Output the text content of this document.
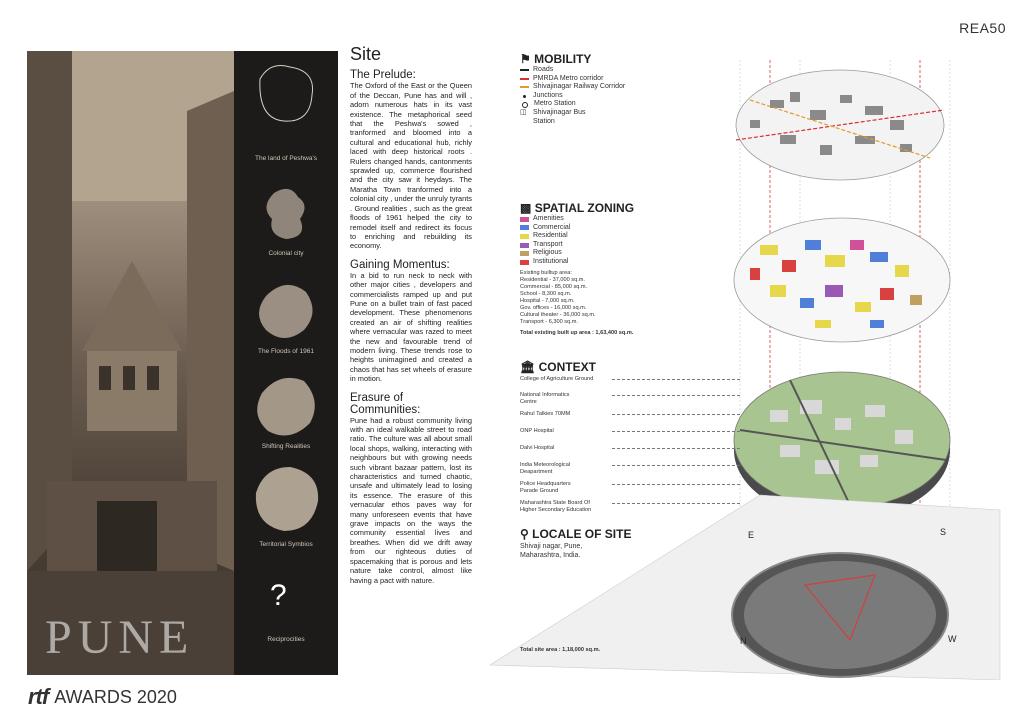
REA50
rtf AWARDS 2020
PUNE
The land of Peshwa's
Colonial city
The Floods of 1961
Shifting Realities
Territorial Symbios
?
Reciprocities
Site
The Prelude:

The Oxford of the East or the Queen of the Deccan, Pune has and will , adorn numerous hats in its vast existence. The metaphorical seed that the Peshwa's sowed , tranformed and bloomed into a cultural and educational hub, richly laced with deep historical roots . Rulers changed hands, cantonments sprawled up, commerce flourished and the city saw it heydays. The Maratha Town tranformed into a colonial city , under the unruly tyrants . Ground realities , such as the great floods of 1961 helped the city to remodel itself and redirect its focus to enriching and rebuilding its economy.

Gaining Momentus:

In a bid to run neck to neck with other major cities , developers and commercialists ramped up and put Pune on a bullet train of fast paced development. These phenomenons created an air of shifting realities where vernacular was razed to meet the new and favourable trend of modern living. These trends rose to heights unimagined and created a chaos that has set wheels of erasure in motion.

Erasure of Communities:

Pune had a robust community living with an ideal walkable street to road ratio. The culture was all about small local shops, walking, interacting with neighbours but with growing needs such vibrant bazaar pattern, lost its characteristics and turned chaotic, unsafe and ultimately lead to losing its essence. The erasure of this vernacular ethos paves way for many unforeseen events that have grave impacts on the ways the community essential lives and breathes. When did we drift away from our righteous duties of spacemaking that is porous and lets nature take control, almost like having a pact with nature.

E	S
N	W
⚑ MOBILITY
Roads
PMRDA Metro corridor
Shivajinagar Railway Corridor
Junctions
Metro Station
◫ Shivajinagar Bus Station
▩ SPATIAL ZONING
Amenities
Commercial
Residential
Transport
Religious
Institutional
Existing builtup area:
Residential - 37,000 sq.m.
Commercial - 85,000 sq.m.
School - 8,300 sq.m.
Hospital - 7,000 sq.m.
Gov. offices - 16,000 sq.m.
Cultural theater - 36,000 sq.m.
Transport - 6,300 sq.m.
Total existing built up area : 1,63,400 sq.m.
🏛 CONTEXT
College of Agriculture Ground
National Informatics Centre
Rahul Talkies 70MM
ONP Hospital
Dalvi Hospital
India Meteorological Deapartment
Police Headquarters Parade Ground
Maharashtra State Board Of Higher Secondary Education
⚲ LOCALE OF SITE
Shivaji nagar, Pune, Maharashtra, India.
Total site area : 1,18,000 sq.m.
